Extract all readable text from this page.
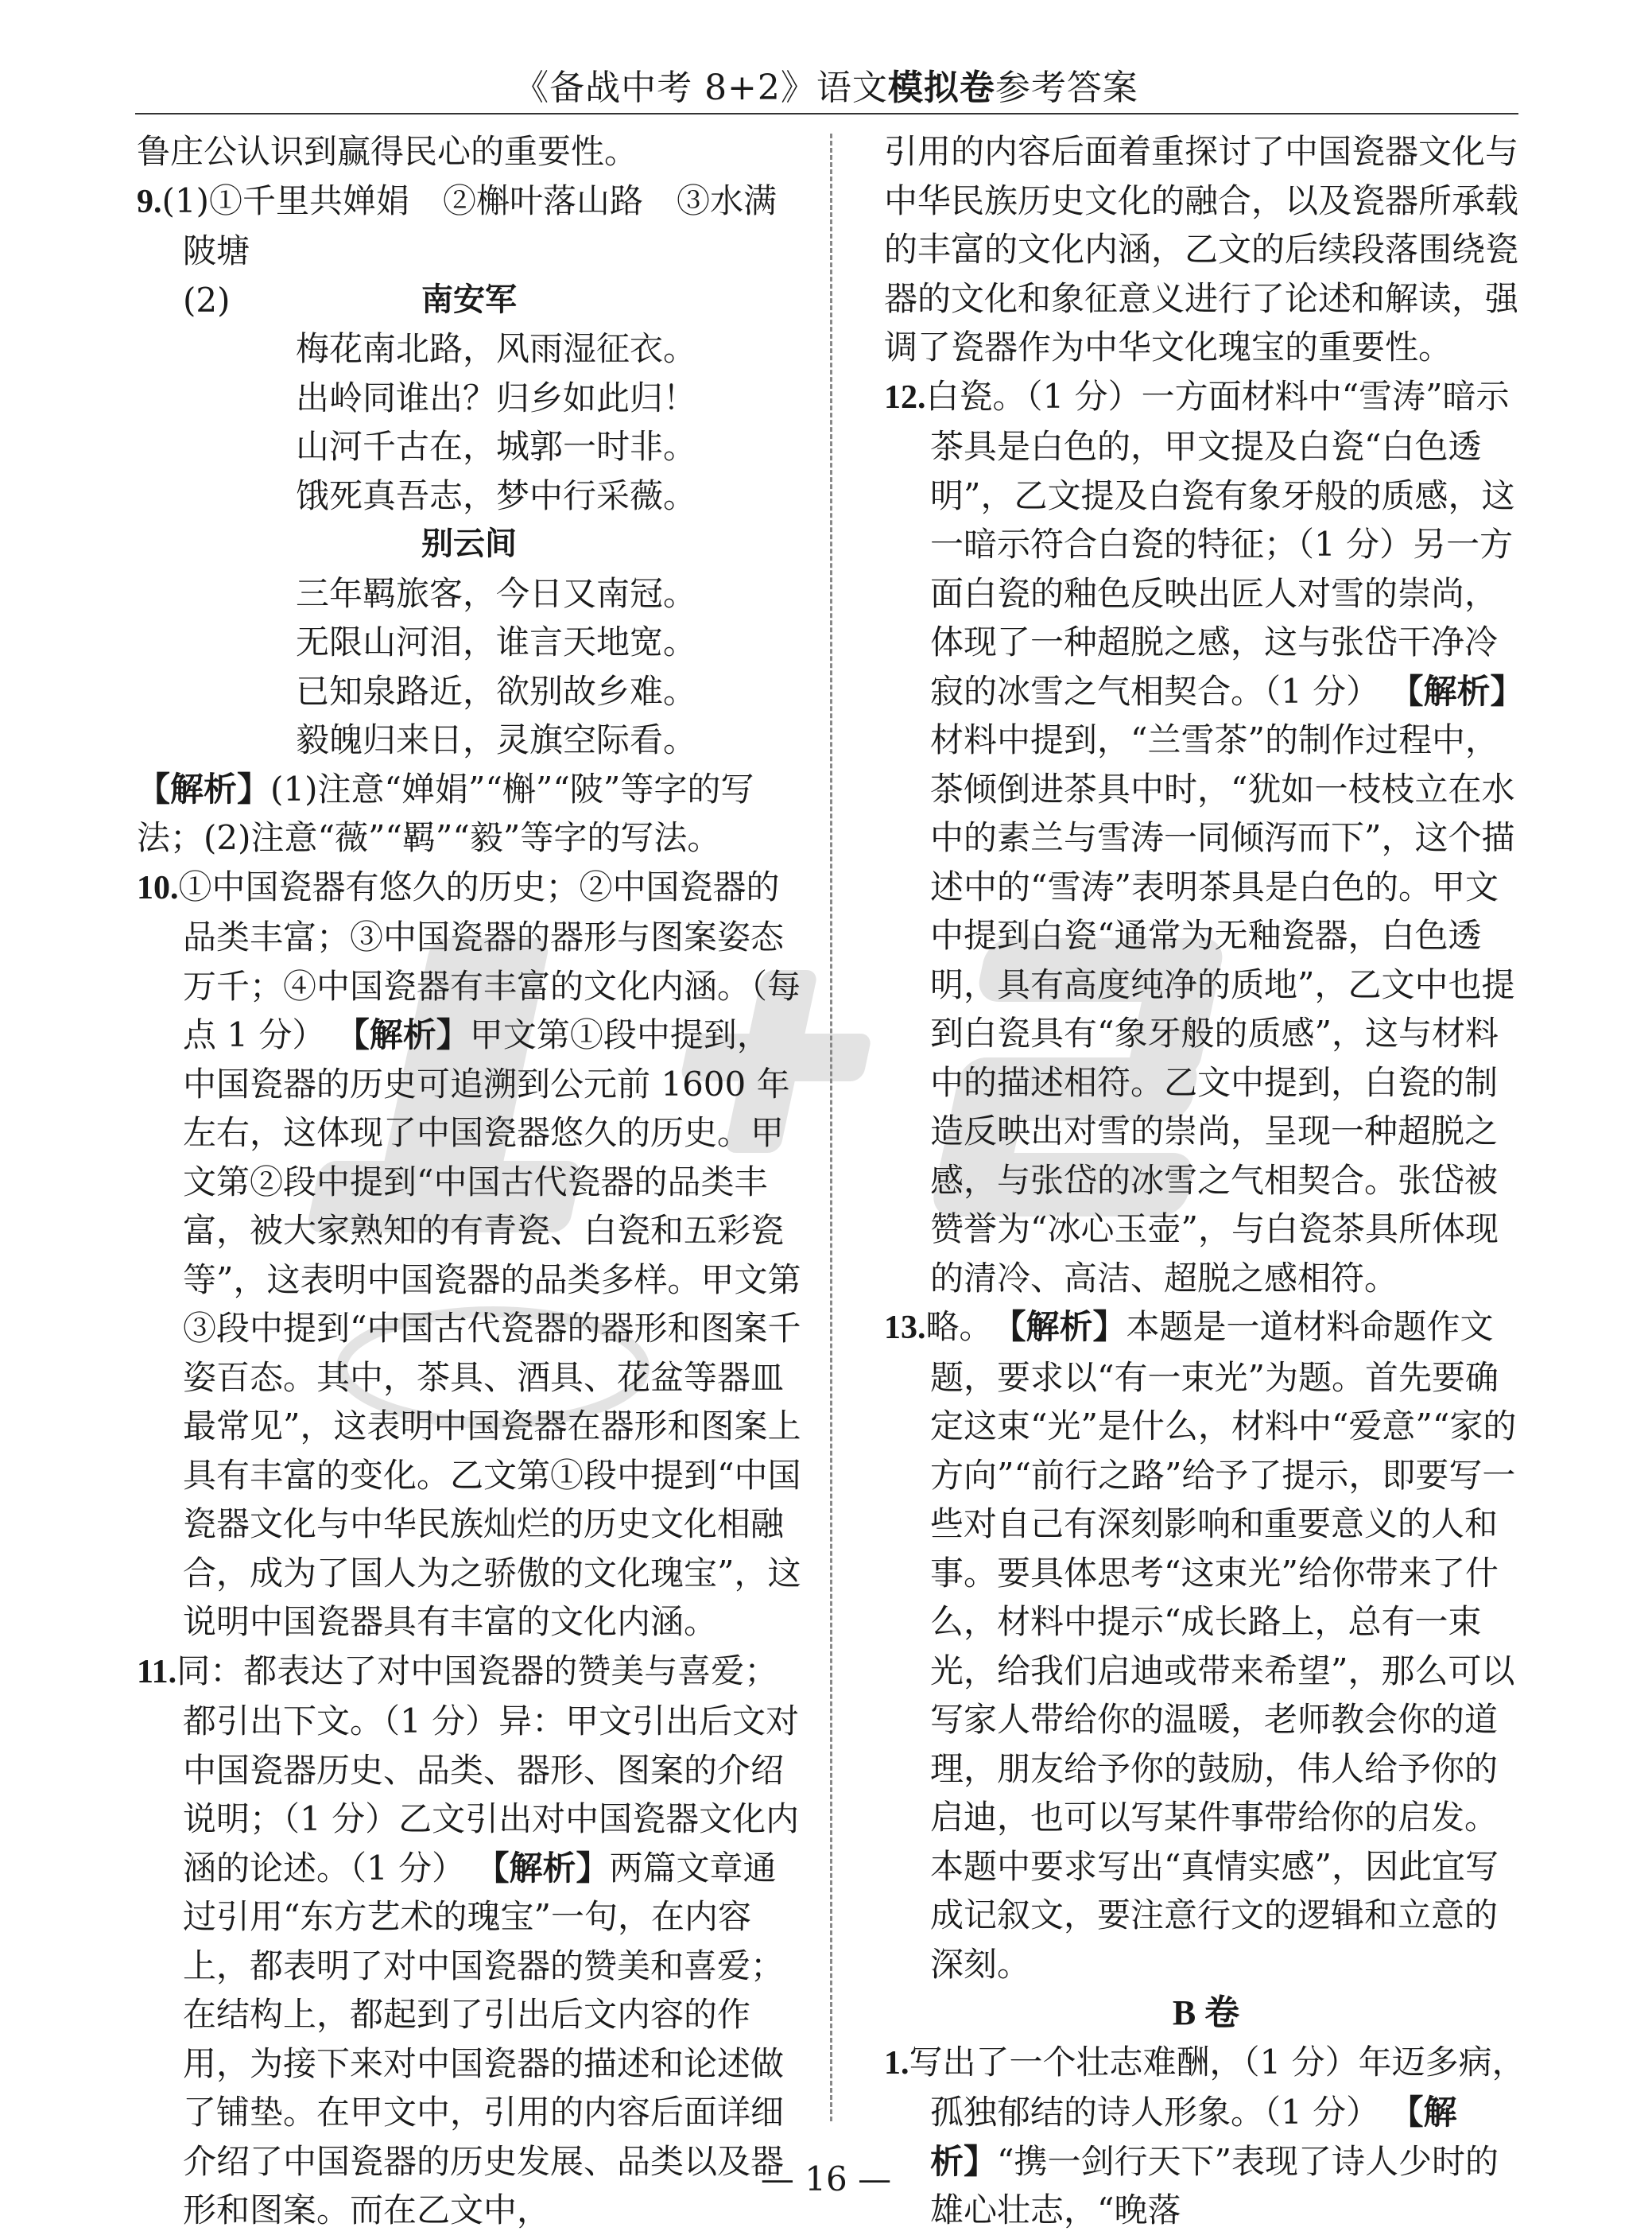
《备战中考 8+2》语文模拟卷参考答案

鲁庄公认识到赢得民心的重要性。

9.(1)①千里共婵娟　②槲叶落山路　③水满陂塘

(2)	南安军

梅花南北路，风雨湿征衣。

出岭同谁出？归乡如此归！

山河千古在，城郭一时非。

饿死真吾志，梦中行采薇。

别云间

三年羁旅客，今日又南冠。

无限山河泪，谁言天地宽。

已知泉路近，欲别故乡难。

毅魄归来日，灵旗空际看。

【解析】(1)注意“婵娟”“槲”“陂”等字的写法；(2)注意“薇”“羁”“毅”等字的写法。

10.①中国瓷器有悠久的历史；②中国瓷器的品类丰富；③中国瓷器的器形与图案姿态万千；④中国瓷器有丰富的文化内涵。（每点 1 分） 【解析】甲文第①段中提到，中国瓷器的历史可追溯到公元前 1600 年左右，这体现了中国瓷器悠久的历史。甲文第②段中提到“中国古代瓷器的品类丰富，被大家熟知的有青瓷、白瓷和五彩瓷等”，这表明中国瓷器的品类多样。甲文第③段中提到“中国古代瓷器的器形和图案千姿百态。其中，茶具、酒具、花盆等器皿最常见”，这表明中国瓷器在器形和图案上具有丰富的变化。乙文第①段中提到“中国瓷器文化与中华民族灿烂的历史文化相融合，成为了国人为之骄傲的文化瑰宝”，这说明中国瓷器具有丰富的文化内涵。

11.同：都表达了对中国瓷器的赞美与喜爱；都引出下文。（1 分）异：甲文引出后文对中国瓷器历史、品类、器形、图案的介绍说明；（1 分）乙文引出对中国瓷器文化内涵的论述。（1 分） 【解析】两篇文章通过引用“东方艺术的瑰宝”一句，在内容上，都表明了对中国瓷器的赞美和喜爱；在结构上，都起到了引出后文内容的作用，为接下来对中国瓷器的描述和论述做了铺垫。在甲文中，引用的内容后面详细介绍了中国瓷器的历史发展、品类以及器形和图案。而在乙文中，

引用的内容后面着重探讨了中国瓷器文化与中华民族历史文化的融合，以及瓷器所承载的丰富的文化内涵，乙文的后续段落围绕瓷器的文化和象征意义进行了论述和解读，强调了瓷器作为中华文化瑰宝的重要性。

12.白瓷。（1 分）一方面材料中“雪涛”暗示茶具是白色的，甲文提及白瓷“白色透明”，乙文提及白瓷有象牙般的质感，这一暗示符合白瓷的特征；（1 分）另一方面白瓷的釉色反映出匠人对雪的崇尚，体现了一种超脱之感，这与张岱干净冷寂的冰雪之气相契合。（1 分） 【解析】材料中提到，“兰雪茶”的制作过程中，茶倾倒进茶具中时，“犹如一枝枝立在水中的素兰与雪涛一同倾泻而下”，这个描述中的“雪涛”表明茶具是白色的。甲文中提到白瓷“通常为无釉瓷器，白色透明，具有高度纯净的质地”，乙文中也提到白瓷具有“象牙般的质感”，这与材料中的描述相符。乙文中提到，白瓷的制造反映出对雪的崇尚，呈现一种超脱之感，与张岱的冰雪之气相契合。张岱被赞誉为“冰心玉壶”，与白瓷茶具所体现的清冷、高洁、超脱之感相符。

13.略。　 【解析】本题是一道材料命题作文题，要求以“有一束光”为题。首先要确定这束“光”是什么，材料中“爱意”“家的方向”“前行之路”给予了提示，即要写一些对自己有深刻影响和重要意义的人和事。要具体思考“这束光”给你带来了什么，材料中提示“成长路上，总有一束光，给我们启迪或带来希望”，那么可以写家人带给你的温暖，老师教会你的道理，朋友给予你的鼓励，伟人给予你的启迪，也可以写某件事带给你的启发。本题中要求写出“真情实感”，因此宜写成记叙文，要注意行文的逻辑和立意的深刻。

B 卷

1.写出了一个壮志难酬，（1 分）年迈多病，孤独郁结的诗人形象。（1 分） 【解析】“携一剑行天下”表现了诗人少时的雄心壮志，“晚落

— 16 —
